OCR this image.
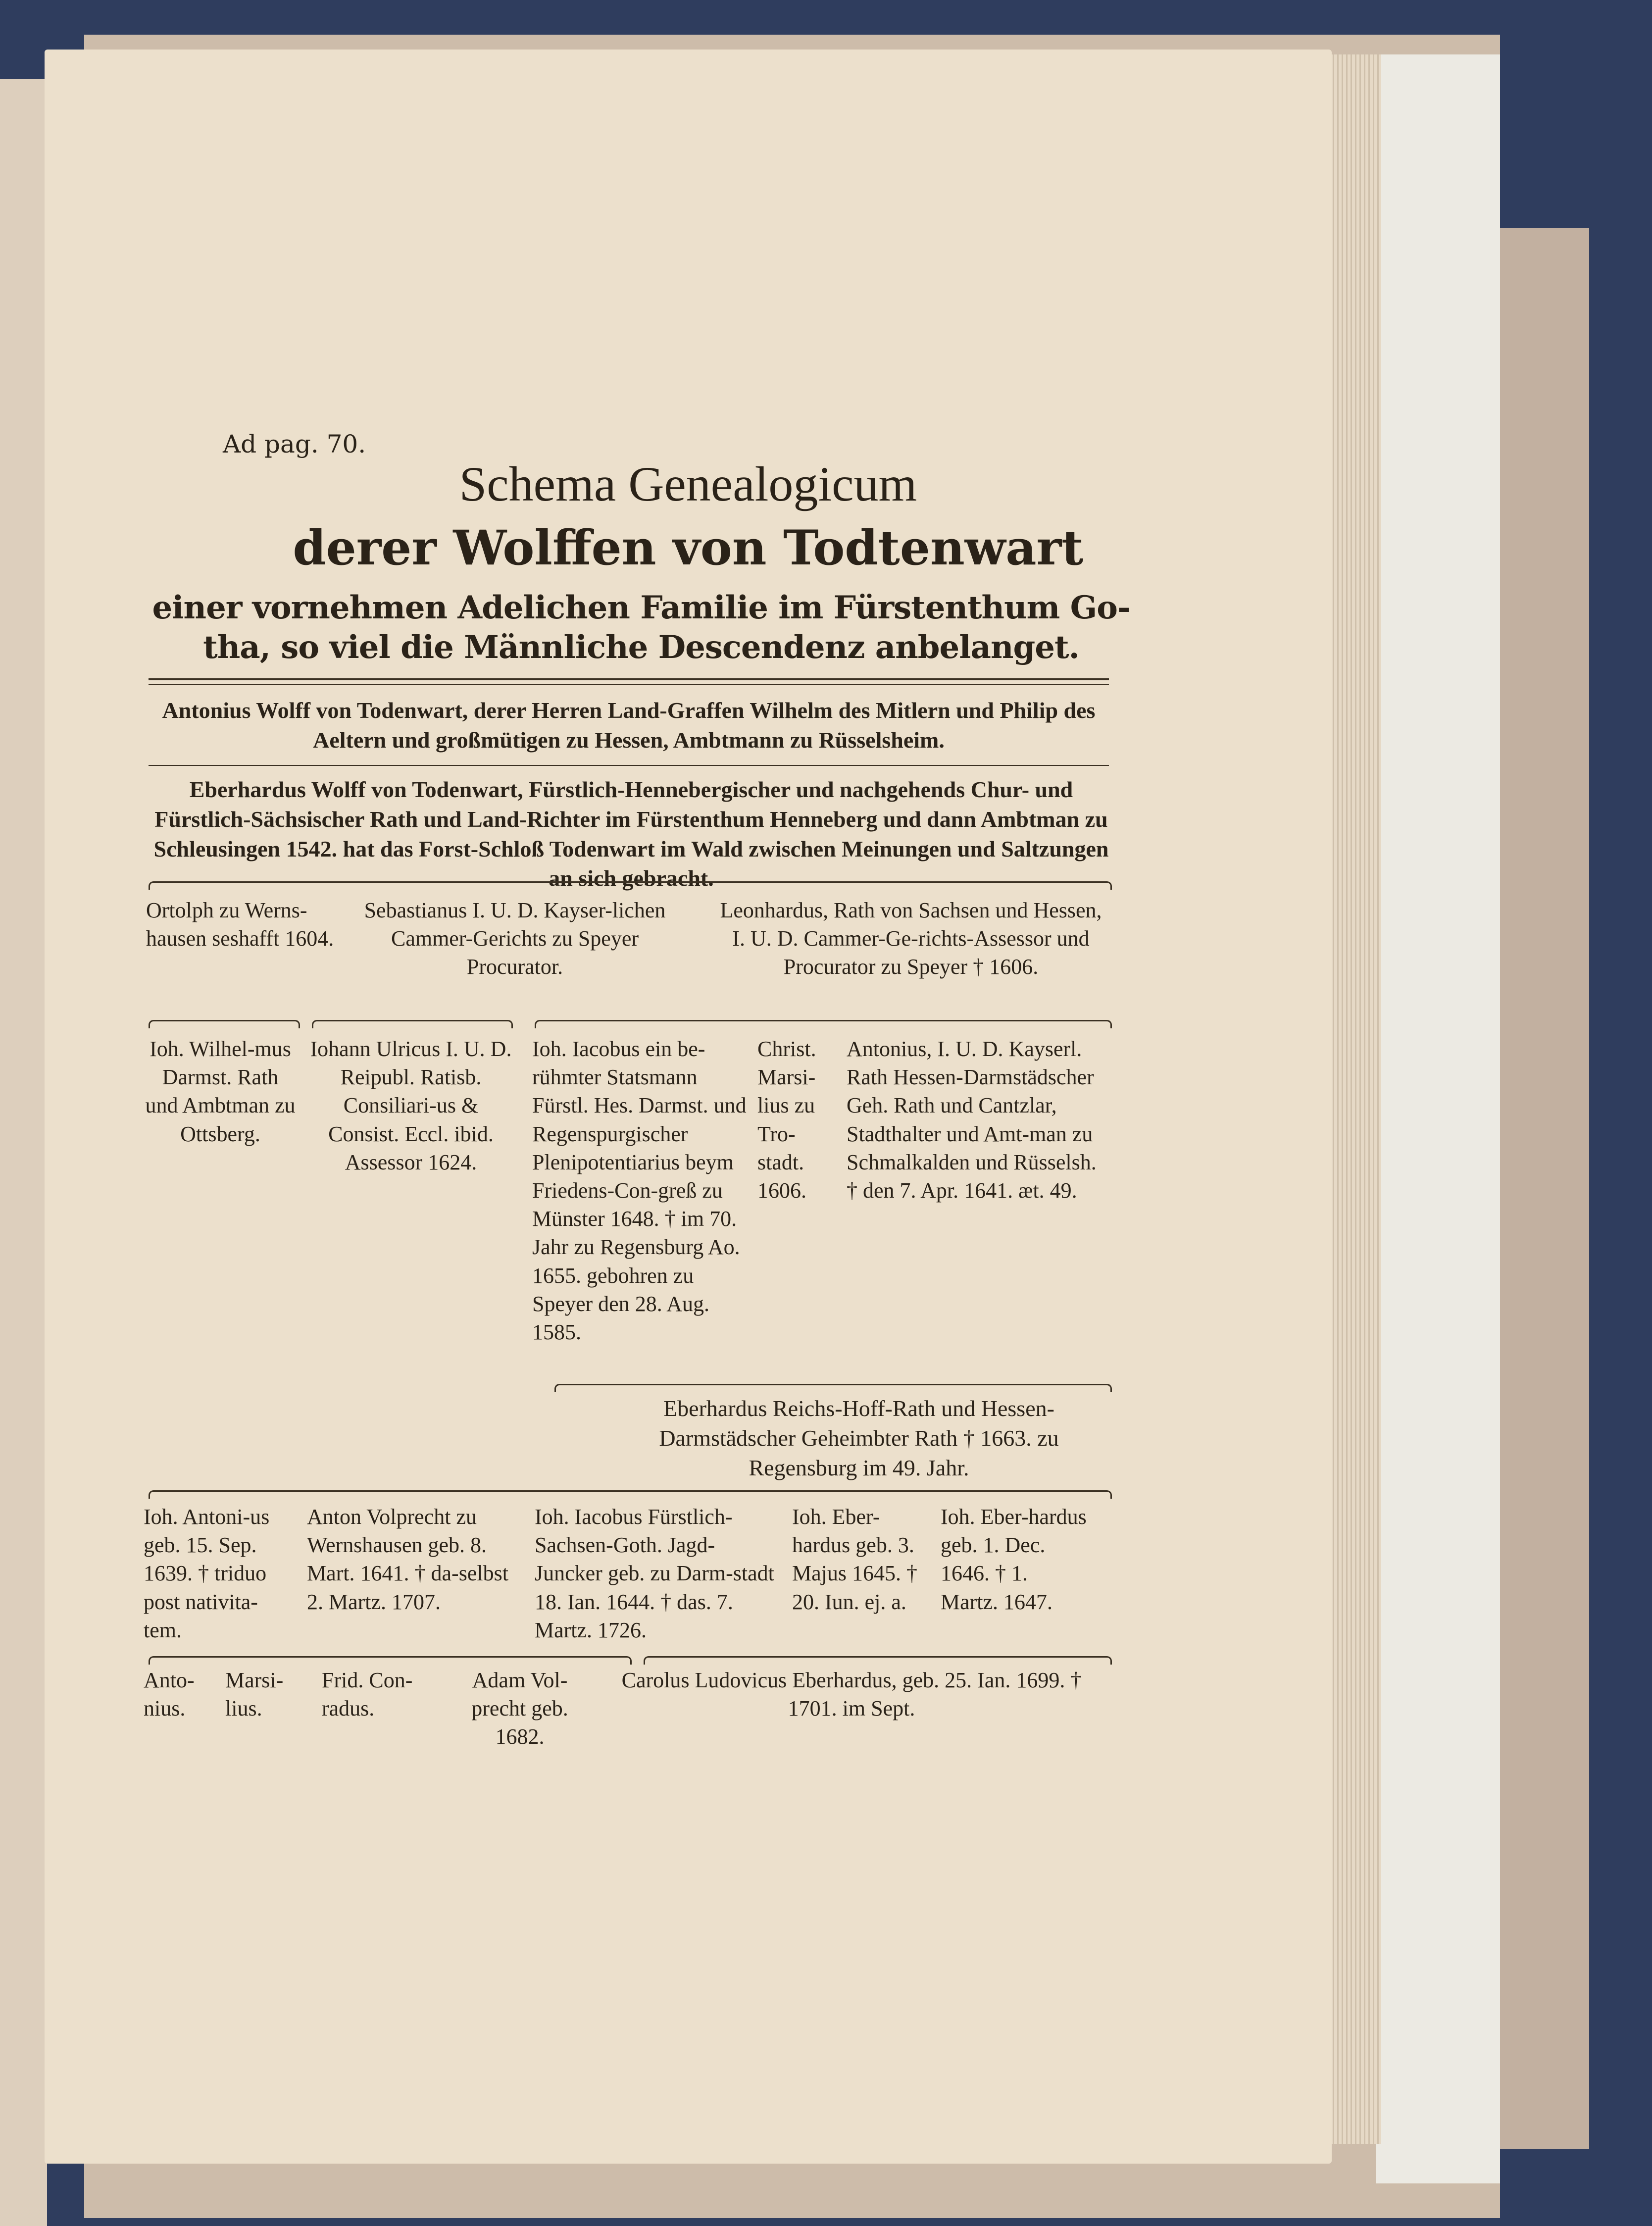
Ad pag. 70.
Schema Genealogicum
derer Wolffen von Todtenwart
einer vornehmen Adelichen Familie im Fürstenthum Go-
tha, so viel die Männliche Descendenz anbelanget.
Antonius Wolff von Todenwart, derer Herren Land-Graffen Wilhelm des Mitlern und Philip des Aeltern und großmütigen zu Hessen, Ambtmann zu Rüsselsheim.
Eberhardus Wolff von Todenwart, Fürstlich-Hennebergischer und nachgehends Chur- und Fürstlich-Sächsischer Rath und Land-Richter im Fürstenthum Henneberg und dann Ambtman zu Schleusingen 1542. hat das Forst-Schloß Todenwart im Wald zwischen Meinungen und Saltzungen an sich gebracht.
Ortolph zu Werns-hausen seshafft 1604.
Sebastianus I. U. D. Kayser-lichen Cammer-Gerichts zu Speyer Procurator.
Leonhardus, Rath von Sachsen und Hessen, I. U. D. Cammer-Ge-richts-Assessor und Procurator zu Speyer † 1606.
Ioh. Wilhel-mus Darmst. Rath und Ambtman zu Ottsberg.
Iohann Ulricus I. U. D. Reipubl. Ratisb. Consiliari-us & Consist. Eccl. ibid. Assessor 1624.
Ioh. Iacobus ein be-rühmter Statsmann Fürstl. Hes. Darmst. und Regenspurgischer Plenipotentiarius beym Friedens-Con-greß zu Münster 1648. † im 70. Jahr zu Regensburg Ao. 1655. gebohren zu Speyer den 28. Aug. 1585.
Christ. Marsi-lius zu Tro-stadt. 1606.
Antonius, I. U. D. Kayserl. Rath Hessen-Darmstädscher Geh. Rath und Cantzlar, Stadthalter und Amt-man zu Schmalkalden und Rüsselsh. † den 7. Apr. 1641. æt. 49.
Eberhardus Reichs-Hoff-Rath und Hessen-Darmstädscher Geheimbter Rath † 1663. zu Regensburg im 49. Jahr.
Ioh. Antoni-us geb. 15. Sep. 1639. † triduo post nativita-tem.
Anton Volprecht zu Wernshausen geb. 8. Mart. 1641. † da-selbst 2. Martz. 1707.
Ioh. Iacobus Fürstlich-Sachsen-Goth. Jagd-Juncker geb. zu Darm-stadt 18. Ian. 1644. † das. 7. Martz. 1726.
Ioh. Eber-hardus geb. 3. Majus 1645. † 20. Iun. ej. a.
Ioh. Eber-hardus geb. 1. Dec. 1646. † 1. Martz. 1647.
Anto-nius.
Marsi-lius.
Frid. Con-radus.
Adam Vol-precht geb. 1682.
Carolus Ludovicus Eberhardus, geb. 25. Ian. 1699. † 1701. im Sept.
